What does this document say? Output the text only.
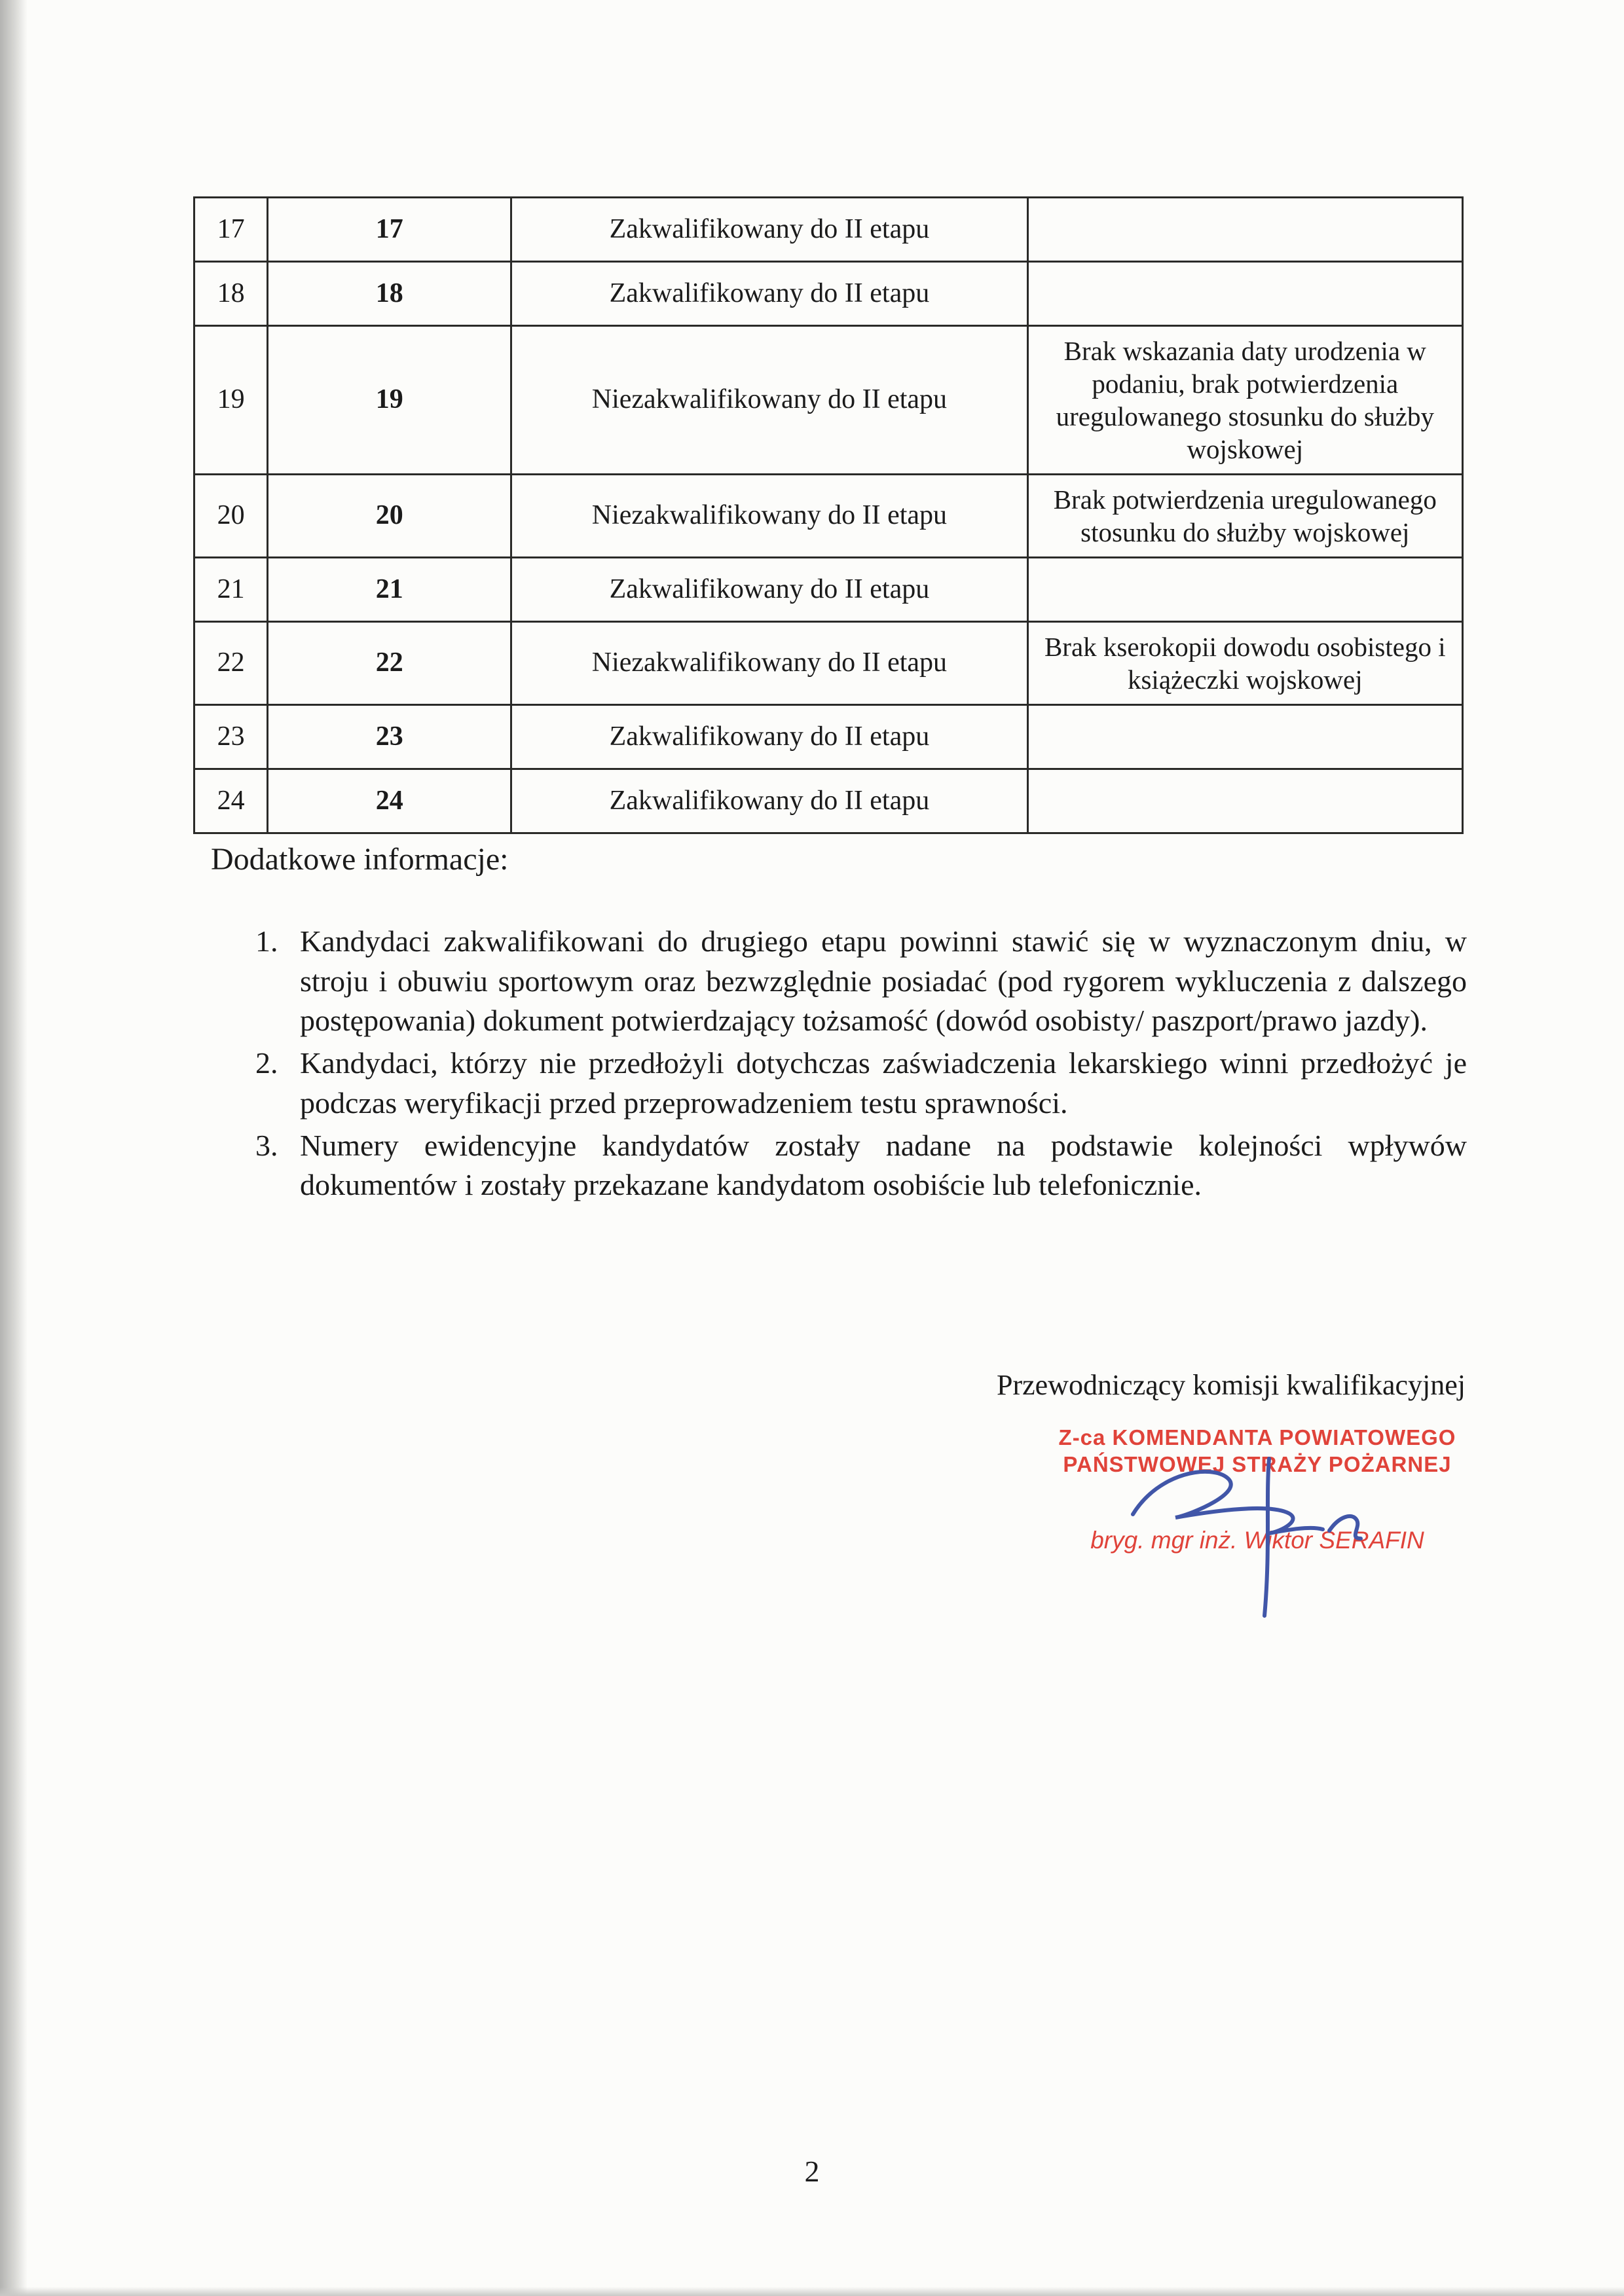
17	17	Zakwalifikowany do II etapu	
18	18	Zakwalifikowany do II etapu	
19	19	Niezakwalifikowany do II etapu	Brak wskazania daty urodzenia w podaniu, brak potwierdzenia uregulowanego stosunku do służby wojskowej
20	20	Niezakwalifikowany do II etapu	Brak potwierdzenia uregulowanego stosunku do służby wojskowej
21	21	Zakwalifikowany do II etapu	
22	22	Niezakwalifikowany do II etapu	Brak kserokopii dowodu osobistego i książeczki wojskowej
23	23	Zakwalifikowany do II etapu	
24	24	Zakwalifikowany do II etapu	
Dodatkowe informacje:
1. Kandydaci zakwalifikowani do drugiego etapu powinni stawić się w wyznaczonym dniu, w stroju i obuwiu sportowym oraz bezwzględnie posiadać (pod rygorem wykluczenia z dalszego postępowania) dokument potwierdzający tożsamość (dowód osobisty/ paszport/prawo jazdy).
2. Kandydaci, którzy nie przedłożyli dotychczas zaświadczenia lekarskiego winni przedłożyć je podczas weryfikacji przed przeprowadzeniem testu sprawności.
3. Numery ewidencyjne kandydatów zostały nadane na podstawie kolejności wpływów dokumentów i zostały przekazane kandydatom osobiście lub telefonicznie.
Przewodniczący komisji kwalifikacyjnej
Z-ca KOMENDANTA POWIATOWEGO
PAŃSTWOWEJ STRAŻY POŻARNEJ
bryg. mgr inż. Wiktor SERAFIN
2
